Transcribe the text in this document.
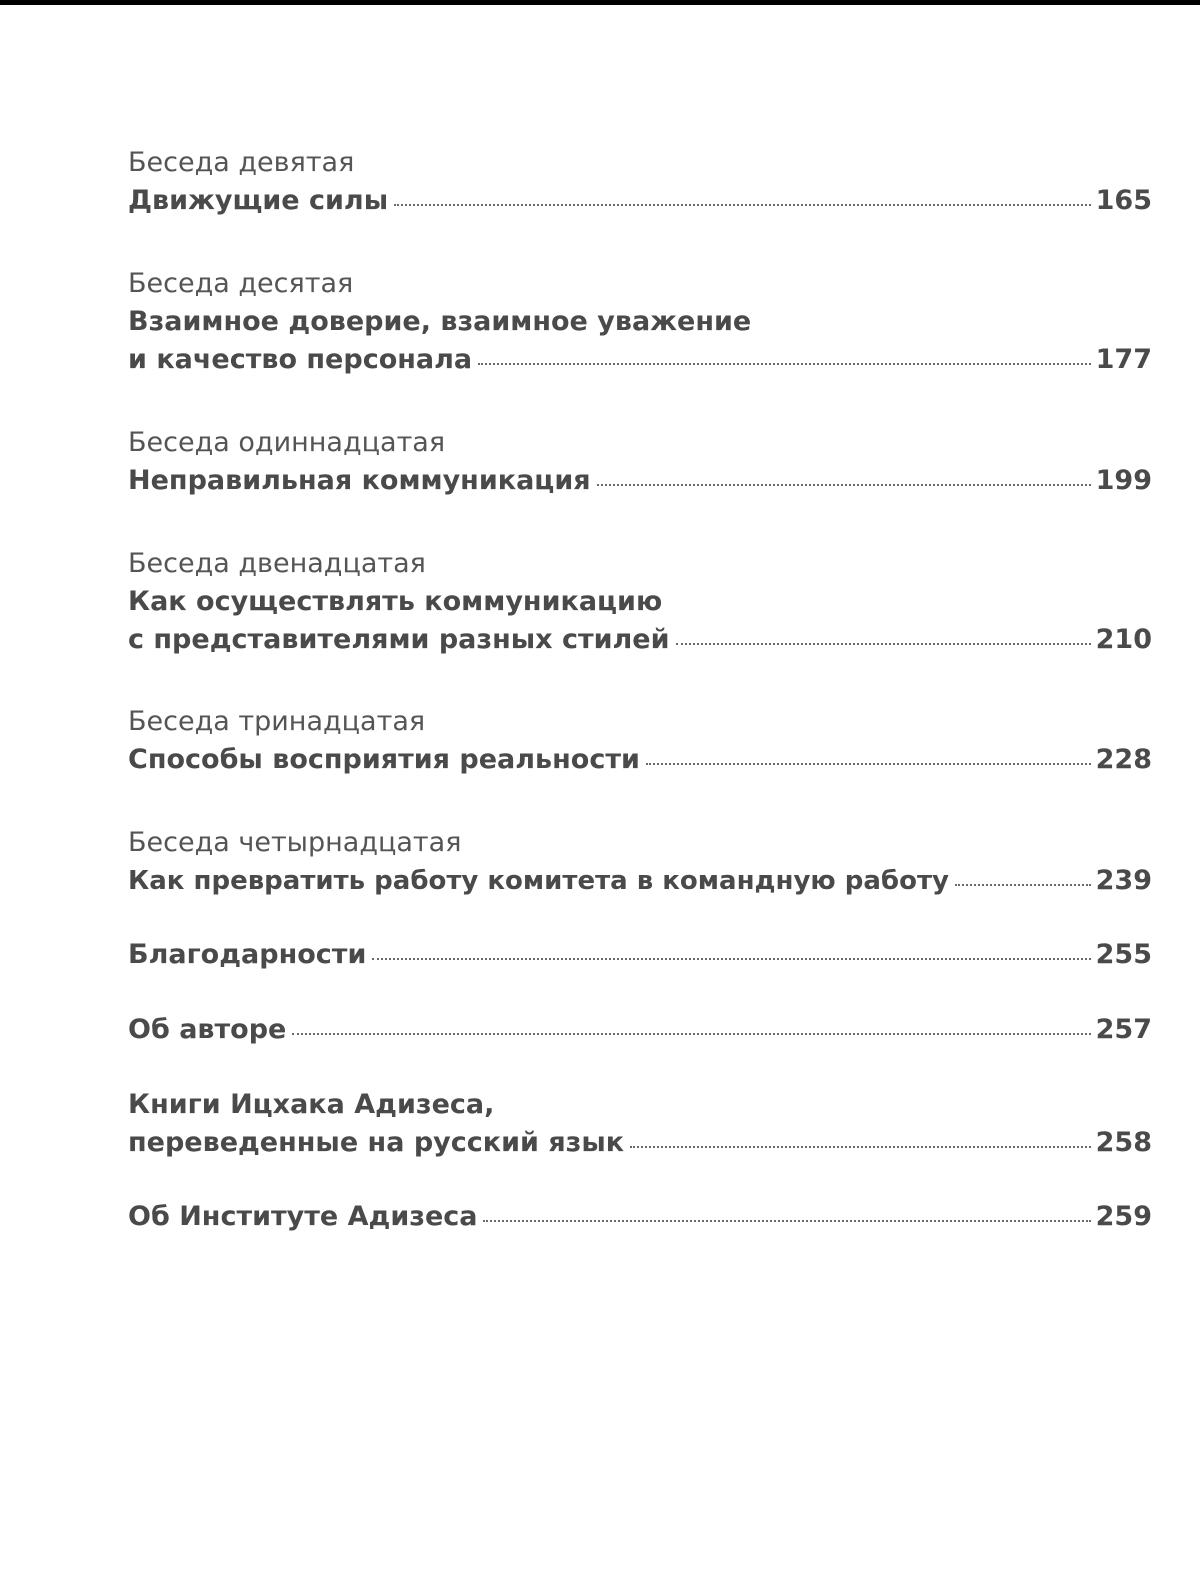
Беседа девятая
Движущие силы	165
Беседа десятая
Взаимное доверие, взаимное уважение
и качество персонала	177
Беседа одиннадцатая
Неправильная коммуникация	199
Беседа двенадцатая
Как осуществлять коммуникацию
с представителями разных стилей	210
Беседа тринадцатая
Способы восприятия реальности	228
Беседа четырнадцатая
Как превратить работу комитета в командную работу	239
Благодарности	255
Об авторе	257
Книги Ицхака Адизеса,
переведенные на русский язык	258
Об Институте Адизеса	259
